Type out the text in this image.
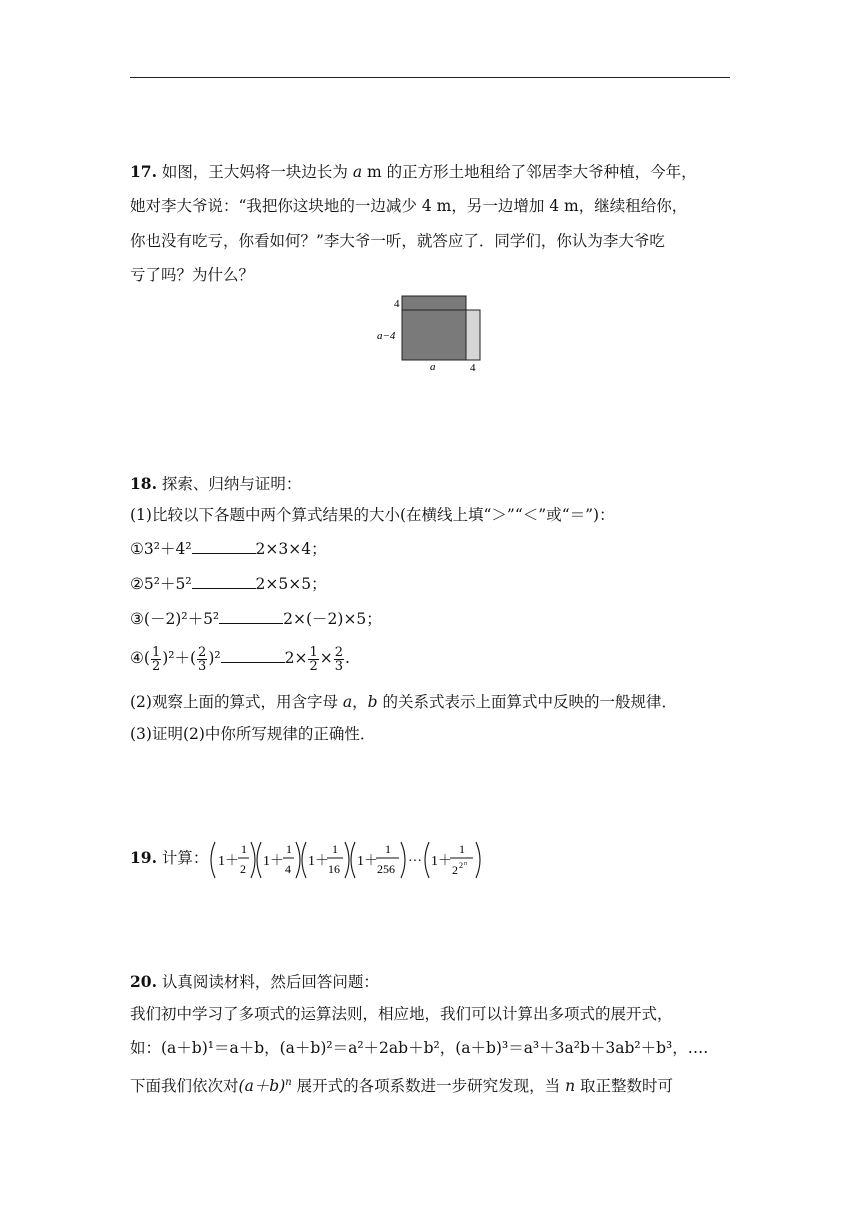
17. 如图，王大妈将一块边长为 a m 的正方形土地租给了邻居李大爷种植，今年，
她对李大爷说：“我把你这块地的一边减少 4 m，另一边增加 4 m，继续租给你，
你也没有吃亏，你看如何？”李大爷一听，就答应了．同学们，你认为李大爷吃
亏了吗？为什么？
4
a−4
a	4
18. 探索、归纳与证明：
(1)比较以下各题中两个算式结果的大小(在横线上填“＞”“＜”或“＝”)：
①3²＋4²	2×3×4；
②5²＋5²	2×5×5；
③(－2)²＋5²	2×(－2)×5；
④( $\frac{1}{2} )^2+( \frac{2}{3} )^2$	$2\times \frac{1}{2} \times \frac{2}{3}$ .
(2)观察上面的算式，用含字母 a，b 的关系式表示上面算式中反映的一般规律．
(3)证明(2)中你所写规律的正确性．
19. 计算： 1＋
1
2 1＋
1
4 1＋
1
16 1＋
1
256 ··· 1＋
1
2 2 n
20. 认真阅读材料，然后回答问题：
我们初中学习了多项式的运算法则，相应地，我们可以计算出多项式的展开式，
如：(a＋b)¹＝a＋b，(a＋b)²＝a²＋2ab＋b²，(a＋b)³＝a³＋3a²b＋3ab²＋b³，….
下面我们依次对$(a+b)^n$ 展开式的各项系数进一步研究发现，当 n 取正整数时可
